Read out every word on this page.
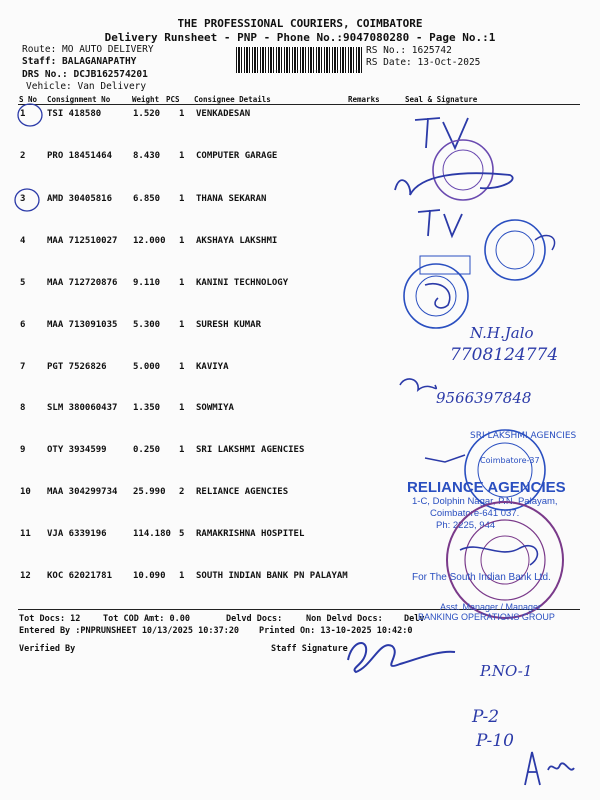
THE PROFESSIONAL COURIERS, COIMBATORE
Delivery Runsheet - PNP - Phone No.:9047080280 - Page No.:1
Route: MO AUTO DELIVERY
Staff: BALAGANAPATHY
DRS No.: DCJB162574201
Vehicle: Van Delivery
RS No.: 1625742
RS Date: 13-Oct-2025
S No Consignment No	Weight PCS Consignee Details	Remarks	Seal & Signature
1 TSI 418580	1.520 1 VENKADESAN
2 PRO 18451464 8.430 1 COMPUTER GARAGE
3 AMD 30405816 6.850 1 THANA SEKARAN
4 MAA 712510027 12.000 1 AKSHAYA LAKSHMI
5 MAA 712720876 9.110 1 KANINI TECHNOLOGY
6 MAA 713091035 5.300 1 SURESH KUMAR
7 PGT 7526826	5.000 1 KAVIYA
8 SLM 380060437 1.350 1 SOWMIYA
9 OTY 3934599	0.250 1 SRI LAKSHMI AGENCIES
10 MAA 304299734 25.990 2 RELIANCE AGENCIES
11 VJA 6339196	114.180 5 RAMAKRISHNA HOSPITEL
12 KOC 62021781 10.090 1 SOUTH INDIAN BANK PN PALAYAM
Tot Docs: 12	Tot COD Amt: 0.00	Delvd Docs:	Non Delvd Docs: Delv
Entered By :PNPRUNSHEET 10/13/2025 10:37:20 Printed On: 13-10-2025 10:42:0
Verified By	Staff Signature
N.H.Jalo
7708124774
9566397848
SRI LAKSHMI AGENCIES
Coimbatore-37
RELIANCE AGENCIES
1-C, Dolphin Nagar, P.N. Palayam,
Coimbatore-641 037.
Ph: 2225, 944
For The South Indian Bank Ltd.
Asst. Manager / Manager
BANKING OPERATIONS GROUP
P.NO-1
P-2
P-10
